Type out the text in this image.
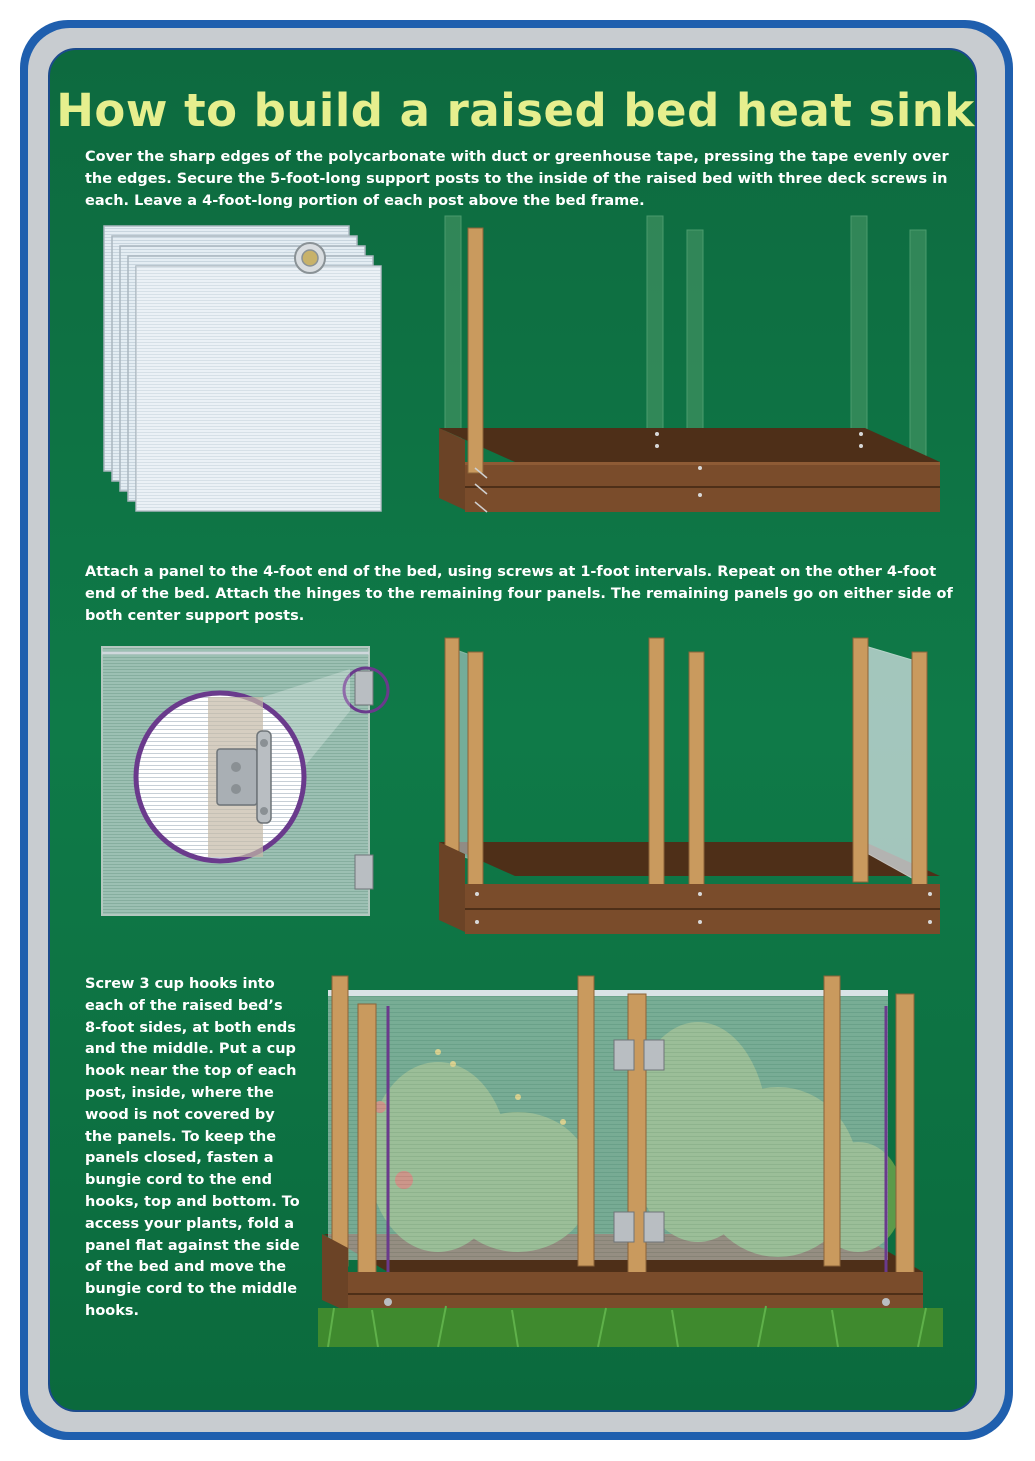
How to build a raised bed heat sink

Cover the sharp edges of the polycarbonate with duct or greenhouse tape, pressing the tape evenly over the edges. Secure the 5-foot-long support posts to the inside of the raised bed with three deck screws in each. Leave a 4-foot-long portion of each post above the bed frame.

Attach a panel to the 4-foot end of the bed, using screws at 1-foot intervals. Repeat on the other 4-foot end of the bed. Attach the hinges to the remaining four panels. The remaining panels go on either side of both center support posts.

Screw 3 cup hooks into each of the raised bed’s 8-foot sides, at both ends and the middle. Put a cup hook near the top of each post, inside, where the wood is not covered by the panels. To keep the panels closed, fasten a bungie cord to the end hooks, top and bottom. To access your plants, fold a panel flat against the side of the bed and move the bungie cord to the middle hooks.
